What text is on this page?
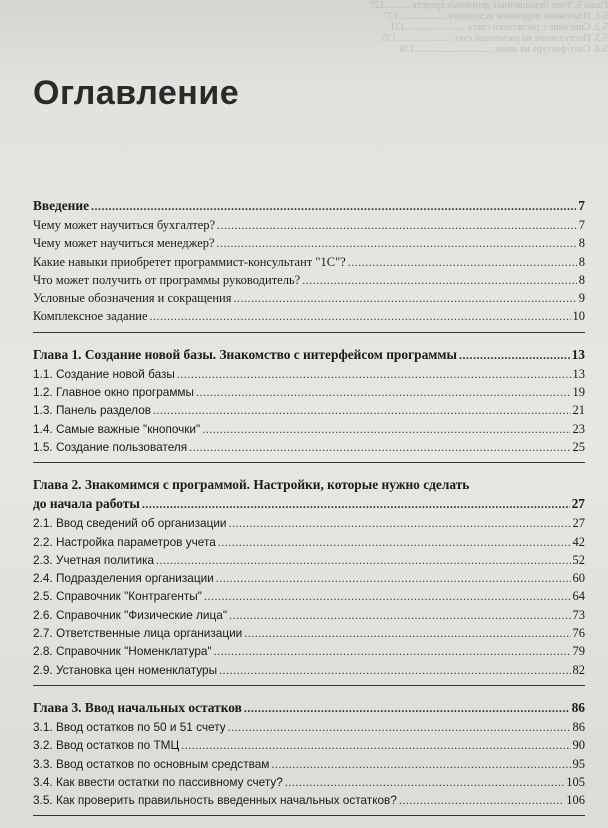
Глава 5. Учет безналичных денежных средств ..........127
5.1. Платежное поручение исходящее ...................127
5.2. Списание с расчетного счета ........................131
5.3. Поступление на расчетный счет ......................135
5.4. Счет-фактура на аванс ...............................138
Оглавление
Введение .....	7
Чему может научиться бухгалтер? .....	7
Чему может научиться менеджер? .....	8
Какие навыки приобретет программист-консультант "1С"? .....	8
Что может получить от программы руководитель? .....	8
Условные обозначения и сокращения .....	9
Комплексное задание .....	10
Глава 1. Создание новой базы. Знакомство с интерфейсом программы .....	13
1.1. Создание новой базы .....	13
1.2. Главное окно программы .....	19
1.3. Панель разделов .....	21
1.4. Самые важные "кнопочки" .....	23
1.5. Создание пользователя .....	25
Глава 2. Знакомимся с программой. Настройки, которые нужно сделать
до начала работы .....	27
2.1. Ввод сведений об организации .....	27
2.2. Настройка параметров учета .....	42
2.3. Учетная политика .....	52
2.4. Подразделения организации .....	60
2.5. Справочник "Контрагенты" .....	64
2.6. Справочник "Физические лица" .....	73
2.7. Ответственные лица организации .....	76
2.8. Справочник "Номенклатура" .....	79
2.9. Установка цен номенклатуры .....	82
Глава 3. Ввод начальных остатков .....	86
3.1. Ввод остатков по 50 и 51 счету .....	86
3.2. Ввод остатков по ТМЦ .....	90
3.3. Ввод остатков по основным средствам .....	95
3.4. Как ввести остатки по пассивному счету? .....	105
3.5. Как проверить правильность введенных начальных остатков? .....	106
